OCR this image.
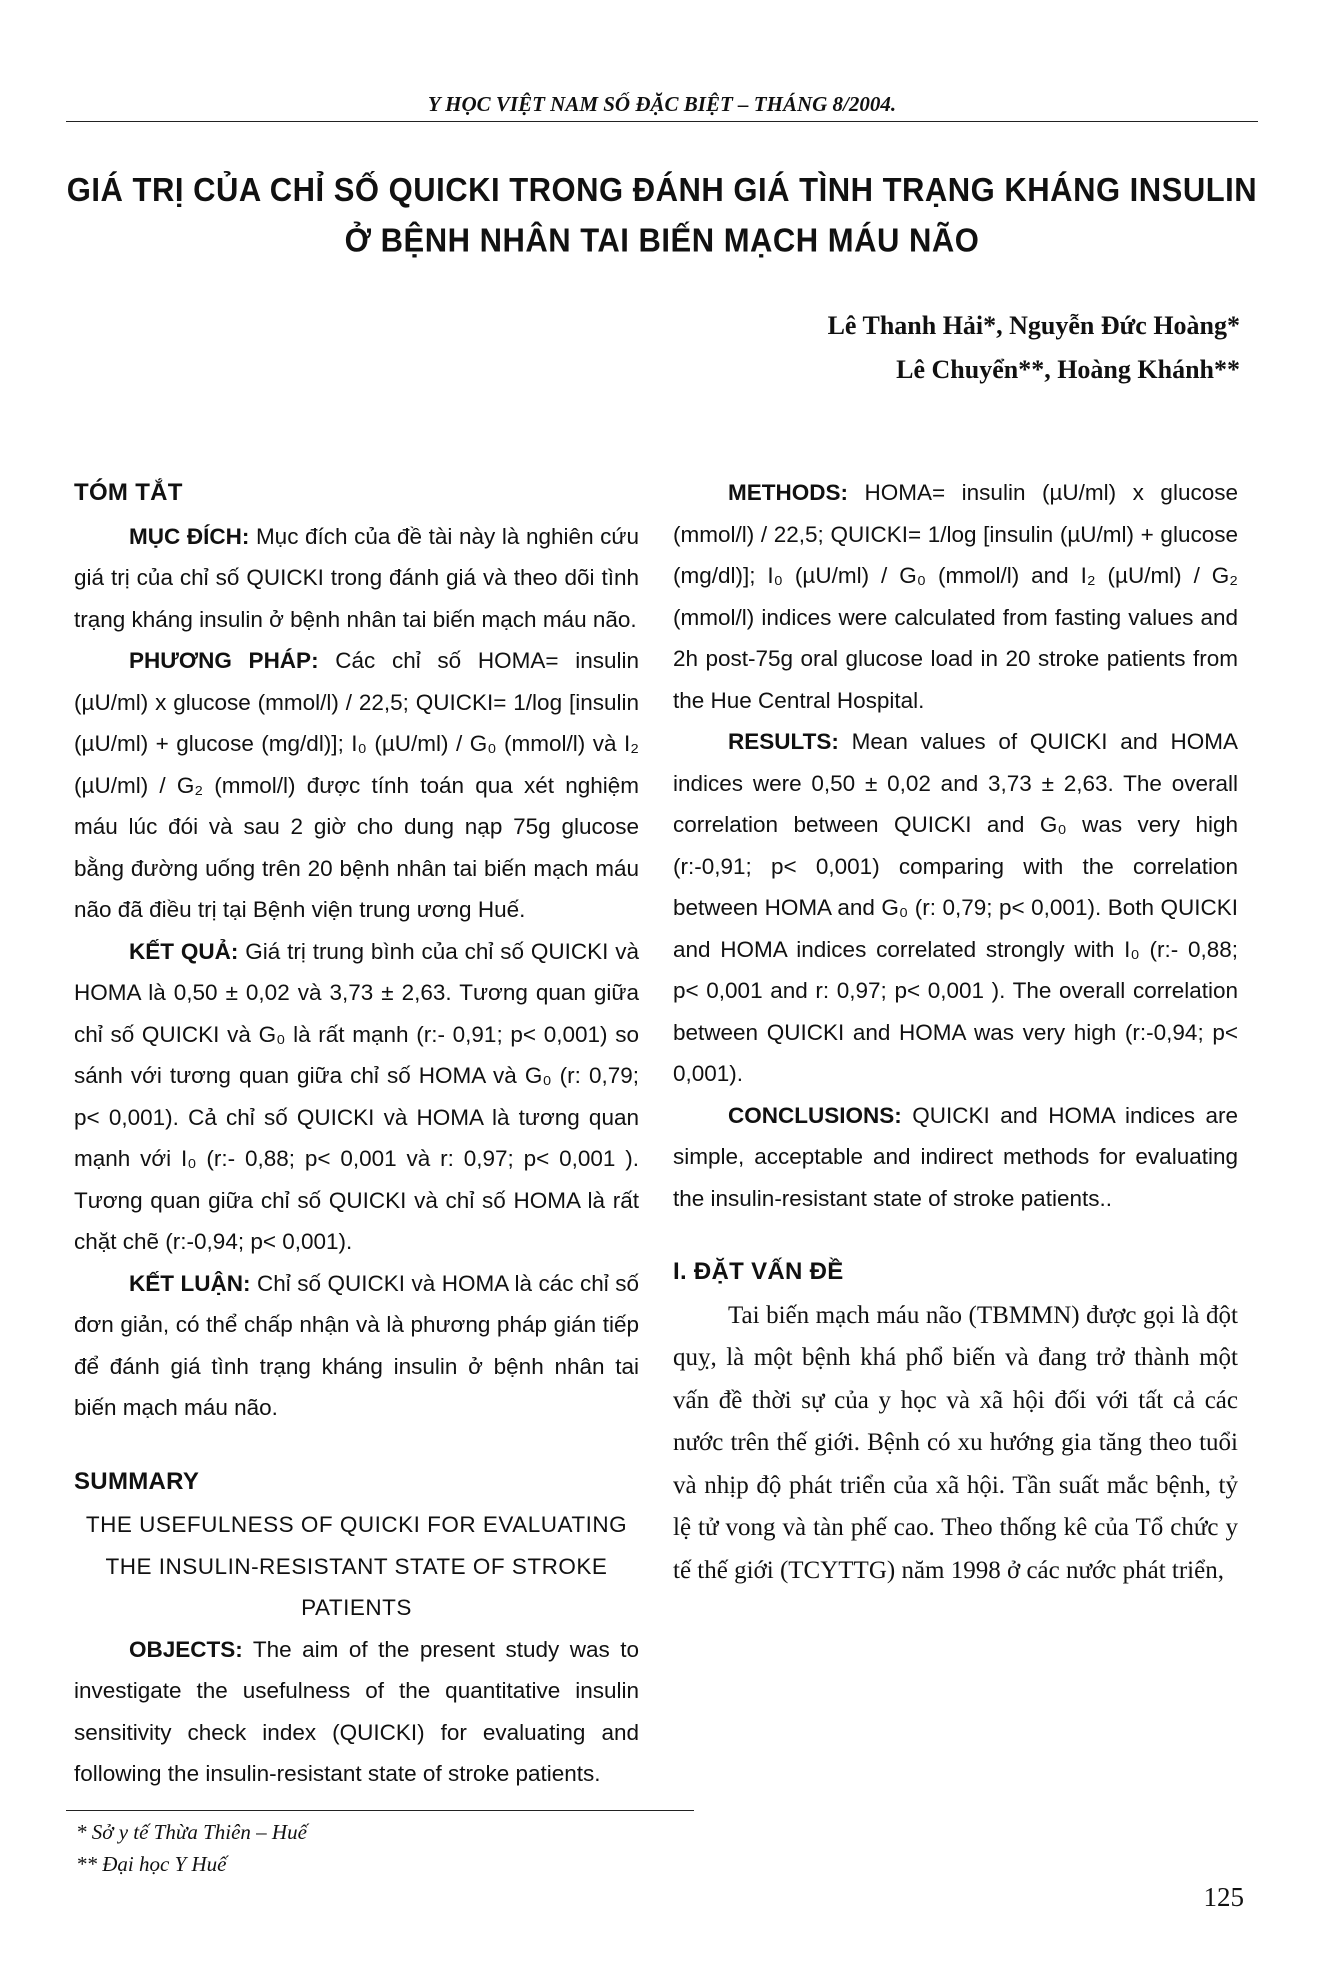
Y HỌC VIỆT NAM SỐ ĐẶC BIỆT – THÁNG 8/2004.
GIÁ TRỊ CỦA CHỈ SỐ QUICKI TRONG ĐÁNH GIÁ TÌNH TRẠNG KHÁNG INSULIN
Ở BỆNH NHÂN TAI BIẾN MẠCH MÁU NÃO
Lê Thanh Hải*, Nguyễn Đức Hoàng*
Lê Chuyển**, Hoàng Khánh**
TÓM TẮT

MỤC ĐÍCH: Mục đích của đề tài này là nghiên cứu giá trị của chỉ số QUICKI trong đánh giá và theo dõi tình trạng kháng insulin ở bệnh nhân tai biến mạch máu não.

PHƯƠNG PHÁP: Các chỉ số HOMA= insulin (µU/ml) x glucose (mmol/l) / 22,5; QUICKI= 1/log [insulin (µU/ml) + glucose (mg/dl)]; I₀ (µU/ml) / G₀ (mmol/l) và I₂ (µU/ml) / G₂ (mmol/l) được tính toán qua xét nghiệm máu lúc đói và sau 2 giờ cho dung nạp 75g glucose bằng đường uống trên 20 bệnh nhân tai biến mạch máu não đã điều trị tại Bệnh viện trung ương Huế.

KẾT QUẢ: Giá trị trung bình của chỉ số QUICKI và HOMA là 0,50 ± 0,02 và 3,73 ± 2,63. Tương quan giữa chỉ số QUICKI và G₀ là rất mạnh (r:- 0,91; p< 0,001) so sánh với tương quan giữa chỉ số HOMA và G₀ (r: 0,79; p< 0,001). Cả chỉ số QUICKI và HOMA là tương quan mạnh với I₀ (r:- 0,88; p< 0,001 và r: 0,97; p< 0,001 ). Tương quan giữa chỉ số QUICKI và chỉ số HOMA là rất chặt chẽ (r:-0,94; p< 0,001).

KẾT LUẬN: Chỉ số QUICKI và HOMA là các chỉ số đơn giản, có thể chấp nhận và là phương pháp gián tiếp để đánh giá tình trạng kháng insulin ở bệnh nhân tai biến mạch máu não.

SUMMARY

THE USEFULNESS OF QUICKI FOR EVALUATING

THE INSULIN-RESISTANT STATE OF STROKE

PATIENTS

OBJECTS: The aim of the present study was to investigate the usefulness of the quantitative insulin sensitivity check index (QUICKI) for evaluating and following the insulin-resistant state of stroke patients.

METHODS: HOMA= insulin (µU/ml) x glucose (mmol/l) / 22,5; QUICKI= 1/log [insulin (µU/ml) + glucose (mg/dl)]; I₀ (µU/ml) / G₀ (mmol/l) and I₂ (µU/ml) / G₂ (mmol/l) indices were calculated from fasting values and 2h post-75g oral glucose load in 20 stroke patients from the Hue Central Hospital.

RESULTS: Mean values of QUICKI and HOMA indices were 0,50 ± 0,02 and 3,73 ± 2,63. The overall correlation between QUICKI and G₀ was very high (r:-0,91; p< 0,001) comparing with the correlation between HOMA and G₀ (r: 0,79; p< 0,001). Both QUICKI and HOMA indices correlated strongly with I₀ (r:- 0,88; p< 0,001 and r: 0,97; p< 0,001 ). The overall correlation between QUICKI and HOMA was very high (r:-0,94; p< 0,001).

CONCLUSIONS: QUICKI and HOMA indices are simple, acceptable and indirect methods for evaluating the insulin-resistant state of stroke patients..

I. ĐẶT VẤN ĐỀ

Tai biến mạch máu não (TBMMN) được gọi là đột quỵ, là một bệnh khá phổ biến và đang trở thành một vấn đề thời sự của y học và xã hội đối với tất cả các nước trên thế giới. Bệnh có xu hướng gia tăng theo tuổi và nhịp độ phát triển của xã hội. Tần suất mắc bệnh, tỷ lệ tử vong và tàn phế cao. Theo thống kê của Tổ chức y tế thế giới (TCYTTG) năm 1998 ở các nước phát triển,

* Sở y tế Thừa Thiên – Huế
** Đại học Y Huế
125
